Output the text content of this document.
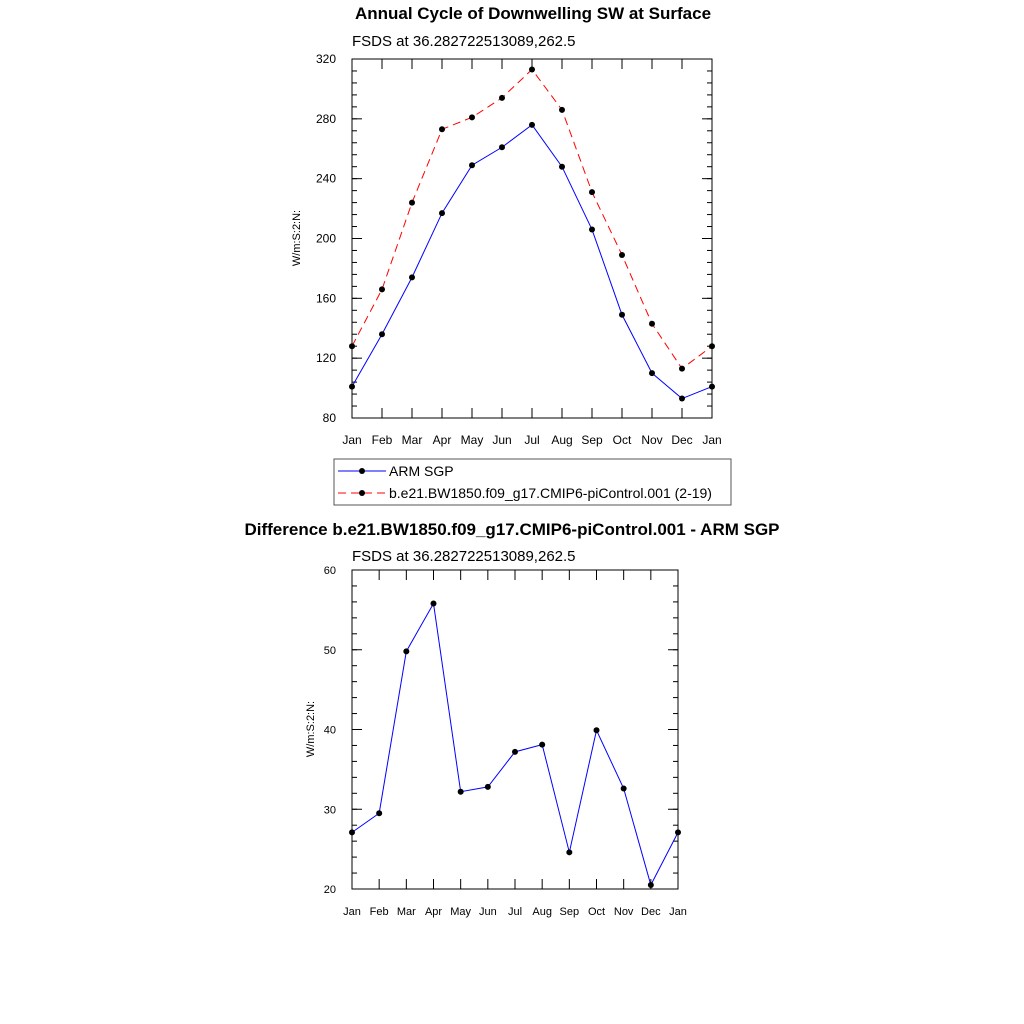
Annual Cycle of Downwelling SW at Surface
FSDS at 36.282722513089,262.5
Jan Feb Mar Apr May Jun Jul Aug Sep Oct Nov Dec Jan
80
120
160
200
240
280
320
W/m:S:2:N:
ARM SGP
b.e21.BW1850.f09_g17.CMIP6-piControl.001 (2-19)
Difference b.e21.BW1850.f09_g17.CMIP6-piControl.001 - ARM SGP
FSDS at 36.282722513089,262.5
Jan Feb Mar Apr May Jun Jul Aug Sep Oct Nov Dec Jan
20
30
40
50
60
W/m:S:2:N:
